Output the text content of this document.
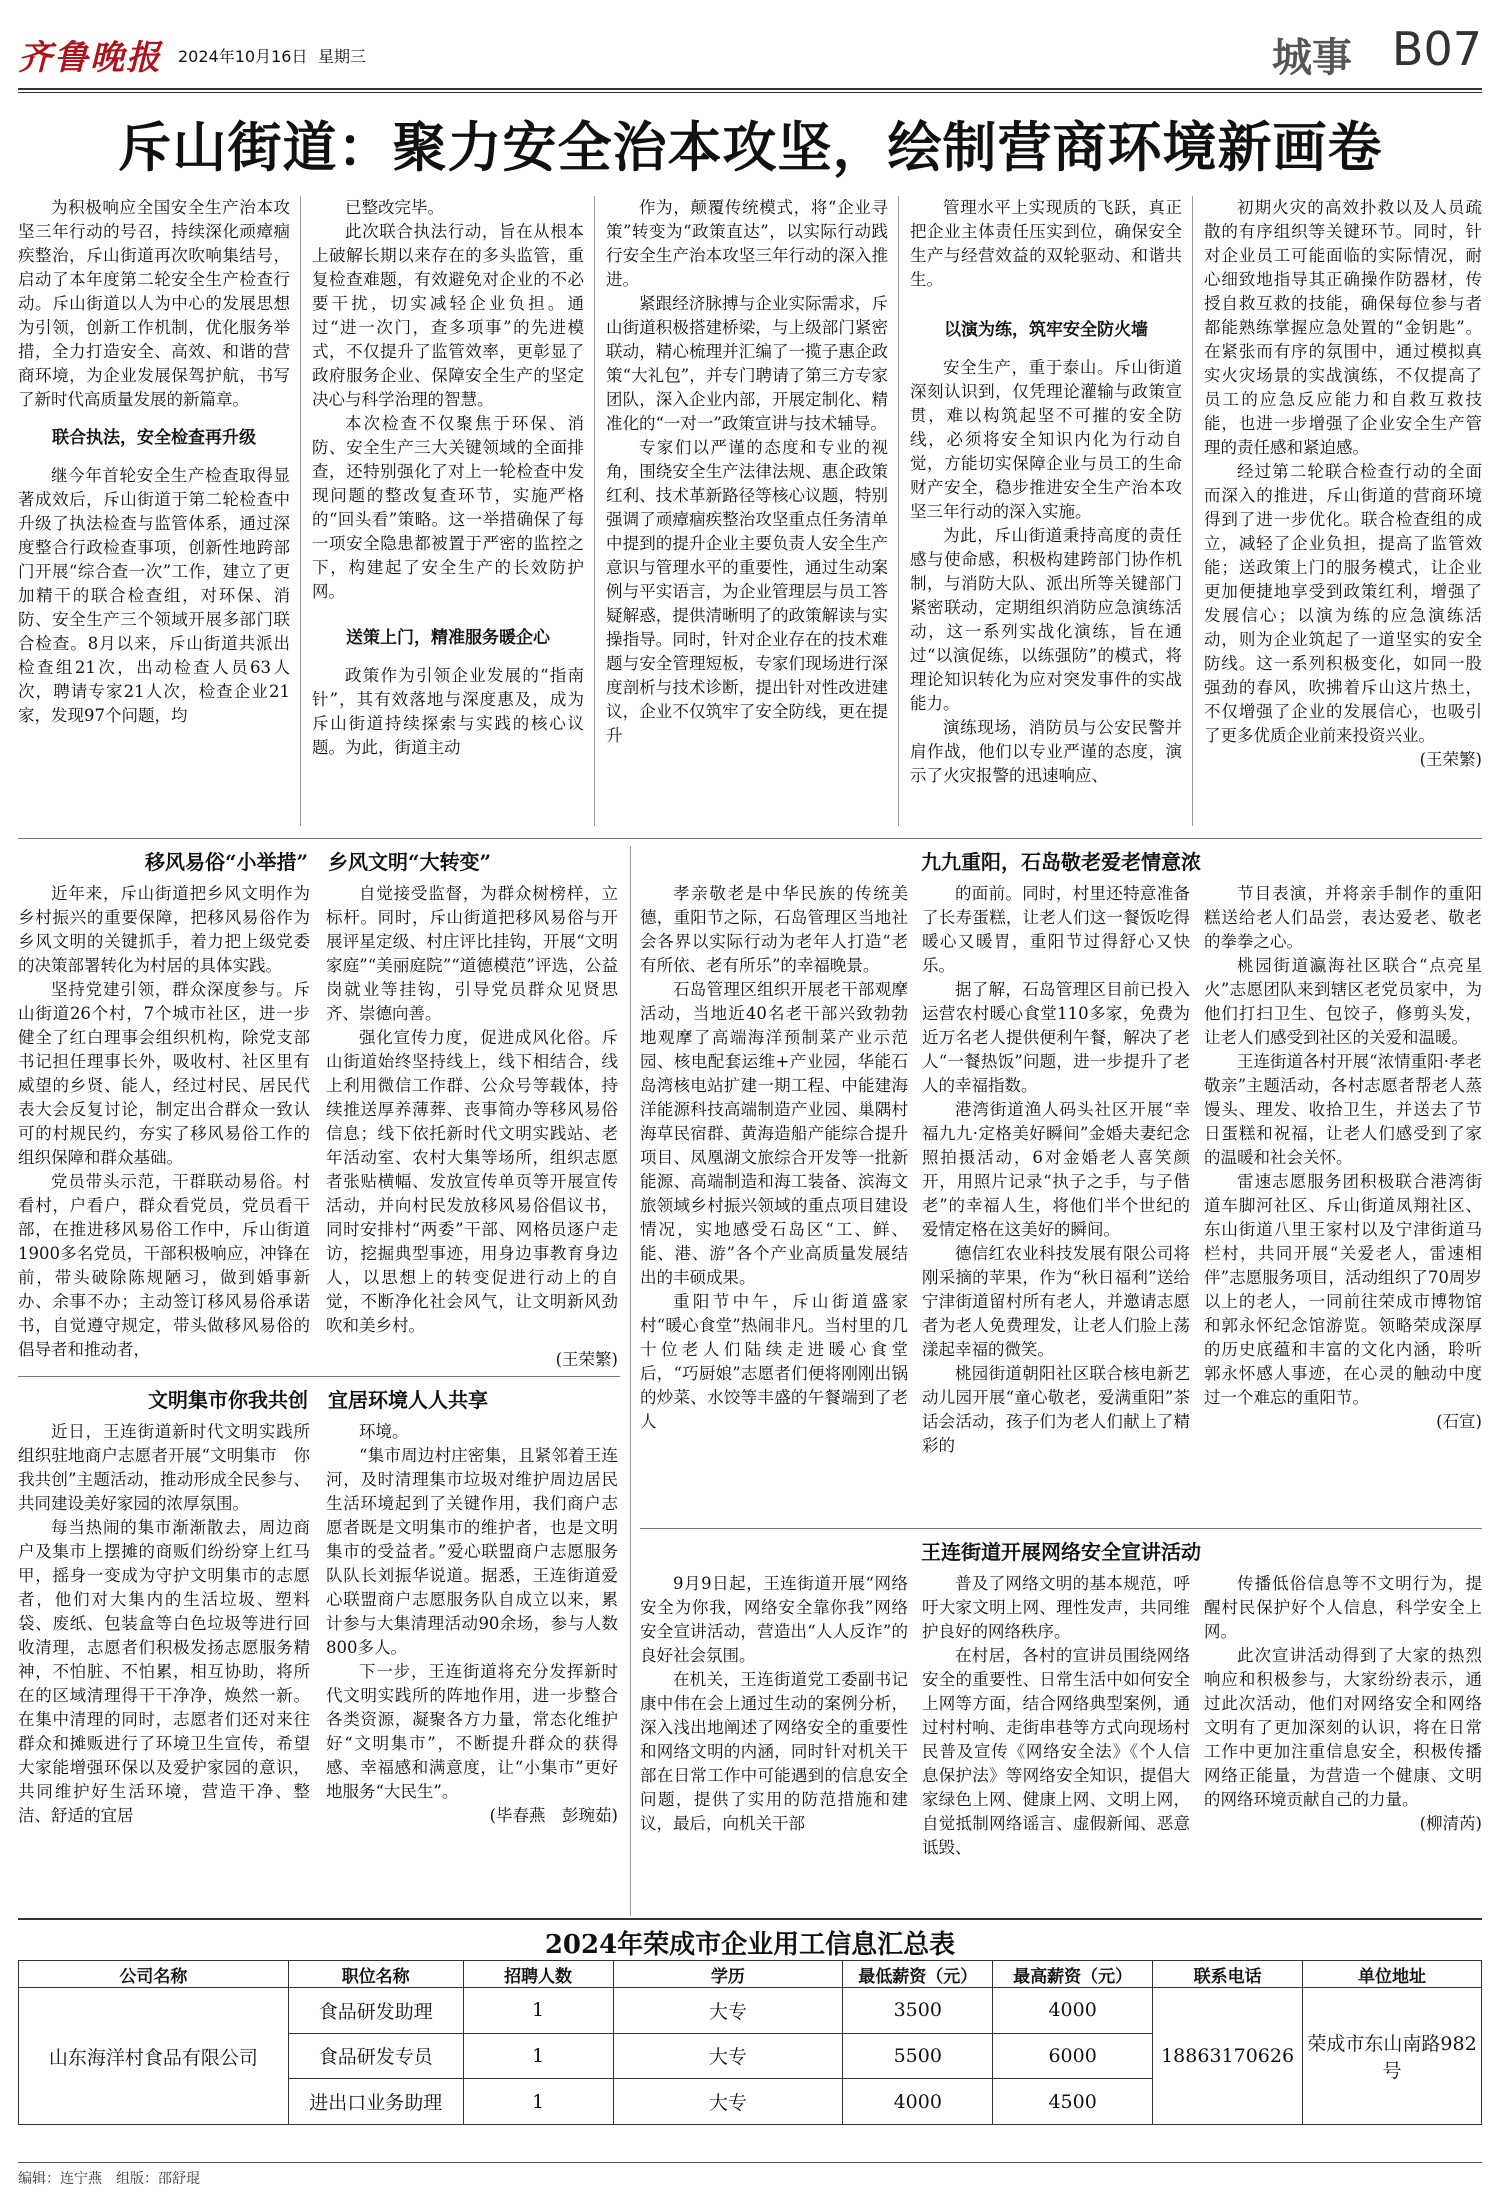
齐鲁晚报 2024年10月16日 星期三	城事 B07
斥山街道：聚力安全治本攻坚，绘制营商环境新画卷

为积极响应全国安全生产治本攻坚三年行动的号召，持续深化顽瘴痼疾整治，斥山街道再次吹响集结号，启动了本年度第二轮安全生产检查行动。斥山街道以人为中心的发展思想为引领，创新工作机制，优化服务举措，全力打造安全、高效、和谐的营商环境，为企业发展保驾护航，书写了新时代高质量发展的新篇章。

联合执法，安全检查再升级

继今年首轮安全生产检查取得显著成效后，斥山街道于第二轮检查中升级了执法检查与监管体系，通过深度整合行政检查事项，创新性地跨部门开展“综合查一次”工作，建立了更加精干的联合检查组，对环保、消防、安全生产三个领域开展多部门联合检查。8月以来，斥山街道共派出检查组21次，出动检查人员63人次，聘请专家21人次，检查企业21家，发现97个问题，均

已整改完毕。

此次联合执法行动，旨在从根本上破解长期以来存在的多头监管，重复检查难题，有效避免对企业的不必要干扰，切实减轻企业负担。通过“进一次门，查多项事”的先进模式，不仅提升了监管效率，更彰显了政府服务企业、保障安全生产的坚定决心与科学治理的智慧。

本次检查不仅聚焦于环保、消防、安全生产三大关键领域的全面排查，还特别强化了对上一轮检查中发现问题的整改复查环节，实施严格的“回头看”策略。这一举措确保了每一项安全隐患都被置于严密的监控之下，构建起了安全生产的长效防护网。

送策上门，精准服务暖企心

政策作为引领企业发展的“指南针”，其有效落地与深度惠及，成为斥山街道持续探索与实践的核心议题。为此，街道主动

作为，颠覆传统模式，将“企业寻策”转变为“政策直达”，以实际行动践行安全生产治本攻坚三年行动的深入推进。

紧跟经济脉搏与企业实际需求，斥山街道积极搭建桥梁，与上级部门紧密联动，精心梳理并汇编了一揽子惠企政策“大礼包”，并专门聘请了第三方专家团队，深入企业内部，开展定制化、精准化的“一对一”政策宣讲与技术辅导。

专家们以严谨的态度和专业的视角，围绕安全生产法律法规、惠企政策红利、技术革新路径等核心议题，特别强调了顽瘴痼疾整治攻坚重点任务清单中提到的提升企业主要负责人安全生产意识与管理水平的重要性，通过生动案例与平实语言，为企业管理层与员工答疑解惑，提供清晰明了的政策解读与实操指导。同时，针对企业存在的技术难题与安全管理短板，专家们现场进行深度剖析与技术诊断，提出针对性改进建议，企业不仅筑牢了安全防线，更在提升

管理水平上实现质的飞跃，真正把企业主体责任压实到位，确保安全生产与经营效益的双轮驱动、和谐共生。

以演为练，筑牢安全防火墙

安全生产，重于泰山。斥山街道深刻认识到，仅凭理论灌输与政策宣贯，难以构筑起坚不可摧的安全防线，必须将安全知识内化为行动自觉，方能切实保障企业与员工的生命财产安全，稳步推进安全生产治本攻坚三年行动的深入实施。

为此，斥山街道秉持高度的责任感与使命感，积极构建跨部门协作机制，与消防大队、派出所等关键部门紧密联动，定期组织消防应急演练活动，这一系列实战化演练，旨在通过“以演促练，以练强防”的模式，将理论知识转化为应对突发事件的实战能力。

演练现场，消防员与公安民警并肩作战，他们以专业严谨的态度，演示了火灾报警的迅速响应、

初期火灾的高效扑救以及人员疏散的有序组织等关键环节。同时，针对企业员工可能面临的实际情况，耐心细致地指导其正确操作防器材，传授自救互救的技能，确保每位参与者都能熟练掌握应急处置的“金钥匙”。在紧张而有序的氛围中，通过模拟真实火灾场景的实战演练，不仅提高了员工的应急反应能力和自救互救技能，也进一步增强了企业安全生产管理的责任感和紧迫感。

经过第二轮联合检查行动的全面而深入的推进，斥山街道的营商环境得到了进一步优化。联合检查组的成立，减轻了企业负担，提高了监管效能；送政策上门的服务模式，让企业更加便捷地享受到政策红利，增强了发展信心；以演为练的应急演练活动，则为企业筑起了一道坚实的安全防线。这一系列积极变化，如同一股强劲的春风，吹拂着斥山这片热土，不仅增强了企业的发展信心，也吸引了更多优质企业前来投资兴业。

(王荣繁)

移风易俗“小举措”　乡风文明“大转变”

近年来，斥山街道把乡风文明作为乡村振兴的重要保障，把移风易俗作为乡风文明的关键抓手，着力把上级党委的决策部署转化为村居的具体实践。

坚持党建引领，群众深度参与。斥山街道26个村，7个城市社区，进一步健全了红白理事会组织机构，除党支部书记担任理事长外，吸收村、社区里有威望的乡贤、能人，经过村民、居民代表大会反复讨论，制定出合群众一致认可的村规民约，夯实了移风易俗工作的组织保障和群众基础。

党员带头示范，干群联动易俗。村看村，户看户，群众看党员，党员看干部，在推进移风易俗工作中，斥山街道1900多名党员，干部积极响应，冲锋在前，带头破除陈规陋习，做到婚事新办、余事不办；主动签订移风易俗承诺书，自觉遵守规定，带头做移风易俗的倡导者和推动者，

自觉接受监督，为群众树榜样，立标杆。同时，斥山街道把移风易俗与开展评星定级、村庄评比挂钩，开展“文明家庭”“美丽庭院”“道德模范”评选，公益岗就业等挂钩，引导党员群众见贤思齐、崇德向善。

强化宣传力度，促进成风化俗。斥山街道始终坚持线上，线下相结合，线上利用微信工作群、公众号等载体，持续推送厚养薄葬、丧事简办等移风易俗信息；线下依托新时代文明实践站、老年活动室、农村大集等场所，组织志愿者张贴横幅、发放宣传单页等开展宣传活动，并向村民发放移风易俗倡议书，同时安排村“两委”干部、网格员逐户走访，挖掘典型事迹，用身边事教育身边人，以思想上的转变促进行动上的自觉，不断净化社会风气，让文明新风劲吹和美乡村。

(王荣繁)

文明集市你我共创　宜居环境人人共享

近日，王连街道新时代文明实践所组织驻地商户志愿者开展“文明集市　你我共创”主题活动，推动形成全民参与、共同建设美好家园的浓厚氛围。

每当热闹的集市渐渐散去，周边商户及集市上摆摊的商贩们纷纷穿上红马甲，摇身一变成为守护文明集市的志愿者，他们对大集内的生活垃圾、塑料袋、废纸、包装盒等白色垃圾等进行回收清理，志愿者们积极发扬志愿服务精神，不怕脏、不怕累，相互协助，将所在的区域清理得干干净净，焕然一新。在集中清理的同时，志愿者们还对来往群众和摊贩进行了环境卫生宣传，希望大家能增强环保以及爱护家园的意识，共同维护好生活环境，营造干净、整洁、舒适的宜居

环境。

“集市周边村庄密集，且紧邻着王连河，及时清理集市垃圾对维护周边居民生活环境起到了关键作用，我们商户志愿者既是文明集市的维护者，也是文明集市的受益者。”爱心联盟商户志愿服务队队长刘振华说道。据悉，王连街道爱心联盟商户志愿服务队自成立以来，累计参与大集清理活动90余场，参与人数800多人。

下一步，王连街道将充分发挥新时代文明实践所的阵地作用，进一步整合各类资源，凝聚各方力量，常态化维护好“文明集市”，不断提升群众的获得感、幸福感和满意度，让“小集市”更好地服务“大民生”。

(毕春燕　彭琬茹)

九九重阳，石岛敬老爱老情意浓

孝亲敬老是中华民族的传统美德，重阳节之际，石岛管理区当地社会各界以实际行动为老年人打造“老有所依、老有所乐”的幸福晚景。

石岛管理区组织开展老干部观摩活动，当地近40名老干部兴致勃勃地观摩了高端海洋预制菜产业示范园、核电配套运维+产业园，华能石岛湾核电站扩建一期工程、中能建海洋能源科技高端制造产业园、巢隅村海草民宿群、黄海造船产能综合提升项目、凤凰湖文旅综合开发等一批新能源、高端制造和海工装备、滨海文旅领域乡村振兴领域的重点项目建设情况，实地感受石岛区“工、鲜、能、港、游”各个产业高质量发展结出的丰硕成果。

重阳节中午，斥山街道盛家村“暖心食堂”热闹非凡。当村里的几十位老人们陆续走进暖心食堂后，“巧厨娘”志愿者们便将刚刚出锅的炒菜、水饺等丰盛的午餐端到了老人

的面前。同时，村里还特意准备了长寿蛋糕，让老人们这一餐饭吃得暖心又暖胃，重阳节过得舒心又快乐。

据了解，石岛管理区目前已投入运营农村暖心食堂110多家，免费为近万名老人提供便利午餐，解决了老人“一餐热饭”问题，进一步提升了老人的幸福指数。

港湾街道渔人码头社区开展“幸福九九·定格美好瞬间”金婚夫妻纪念照拍摄活动，6对金婚老人喜笑颜开，用照片记录“执子之手，与子偕老”的幸福人生，将他们半个世纪的爱情定格在这美好的瞬间。

德信红农业科技发展有限公司将刚采摘的苹果，作为“秋日福利”送给宁津街道留村所有老人，并邀请志愿者为老人免费理发，让老人们脸上荡漾起幸福的微笑。

桃园街道朝阳社区联合核电新艺动儿园开展“童心敬老，爱满重阳”茶话会活动，孩子们为老人们献上了精彩的

节目表演，并将亲手制作的重阳糕送给老人们品尝，表达爱老、敬老的拳拳之心。

桃园街道瀛海社区联合“点亮星火”志愿团队来到辖区老党员家中，为他们打扫卫生、包饺子，修剪头发，让老人们感受到社区的关爱和温暖。

王连街道各村开展“浓情重阳·孝老敬亲”主题活动，各村志愿者帮老人蒸馒头、理发、收拾卫生，并送去了节日蛋糕和祝福，让老人们感受到了家的温暖和社会关怀。

雷速志愿服务团积极联合港湾街道车脚河社区、斥山街道凤翔社区、东山街道八里王家村以及宁津街道马栏村，共同开展“关爱老人，雷速相伴”志愿服务项目，活动组织了70周岁以上的老人，一同前往荣成市博物馆和郭永怀纪念馆游览。领略荣成深厚的历史底蕴和丰富的文化内涵，聆听郭永怀感人事迹，在心灵的触动中度过一个难忘的重阳节。

(石宣)

王连街道开展网络安全宣讲活动

9月9日起，王连街道开展“网络安全为你我，网络安全靠你我”网络安全宣讲活动，营造出“人人反诈”的良好社会氛围。

在机关，王连街道党工委副书记康中伟在会上通过生动的案例分析，深入浅出地阐述了网络安全的重要性和网络文明的内涵，同时针对机关干部在日常工作中可能遇到的信息安全问题，提供了实用的防范措施和建议，最后，向机关干部

普及了网络文明的基本规范，呼吁大家文明上网、理性发声，共同维护良好的网络秩序。

在村居，各村的宣讲员围绕网络安全的重要性、日常生活中如何安全上网等方面，结合网络典型案例，通过村村响、走街串巷等方式向现场村民普及宣传《网络安全法》《个人信息保护法》等网络安全知识，提倡大家绿色上网、健康上网、文明上网，自觉抵制网络谣言、虚假新闻、恶意诋毁、

传播低俗信息等不文明行为，提醒村民保护好个人信息，科学安全上网。

此次宣讲活动得到了大家的热烈响应和积极参与，大家纷纷表示，通过此次活动，他们对网络安全和网络文明有了更加深刻的认识，将在日常工作中更加注重信息安全，积极传播网络正能量，为营造一个健康、文明的网络环境贡献自己的力量。

(柳清芮)

2024年荣成市企业用工信息汇总表
公司名称	职位名称	招聘人数	学历	最低薪资（元）	最高薪资（元）	联系电话	单位地址
山东海洋村食品有限公司	食品研发助理	1	大专	3500	4000	18863170626	荣成市东山南路982号
	食品研发专员	1	大专	5500	6000		
	进出口业务助理	1	大专	4000	4500		
编辑：连宁燕　组版：邵舒琨
